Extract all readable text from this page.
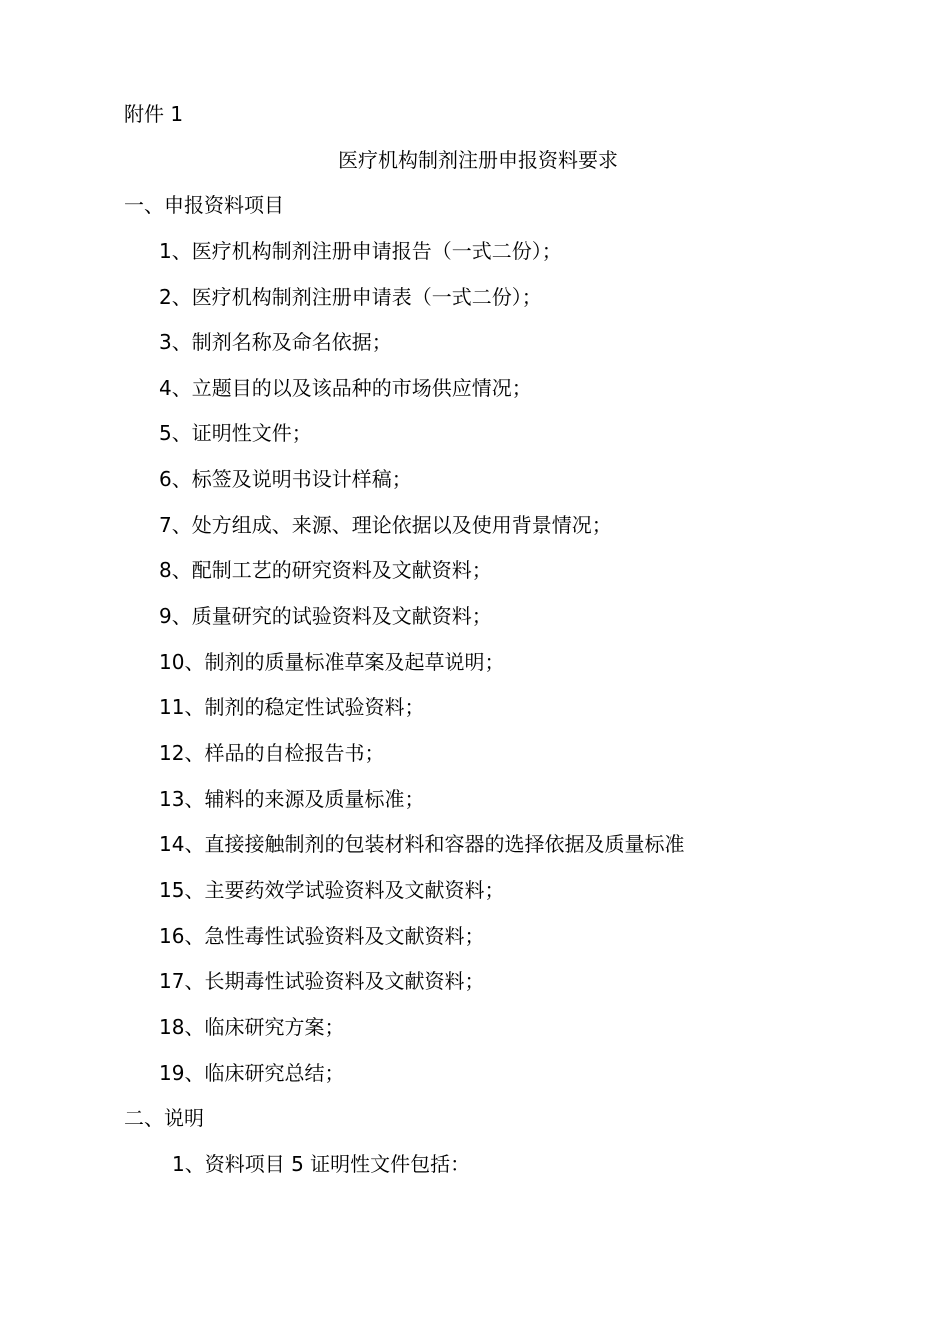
附件 1
医疗机构制剂注册申报资料要求
一、申报资料项目
1、医疗机构制剂注册申请报告（一式二份）；
2、医疗机构制剂注册申请表（一式二份）；
3、制剂名称及命名依据；
4、立题目的以及该品种的市场供应情况；
5、证明性文件；
6、标签及说明书设计样稿；
7、处方组成、来源、理论依据以及使用背景情况；
8、配制工艺的研究资料及文献资料；
9、质量研究的试验资料及文献资料；
10、制剂的质量标准草案及起草说明；
11、制剂的稳定性试验资料；
12、样品的自检报告书；
13、辅料的来源及质量标准；
14、直接接触制剂的包装材料和容器的选择依据及质量标准
15、主要药效学试验资料及文献资料；
16、急性毒性试验资料及文献资料；
17、长期毒性试验资料及文献资料；
18、临床研究方案；
19、临床研究总结；
二、说明
1、资料项目 5 证明性文件包括：
